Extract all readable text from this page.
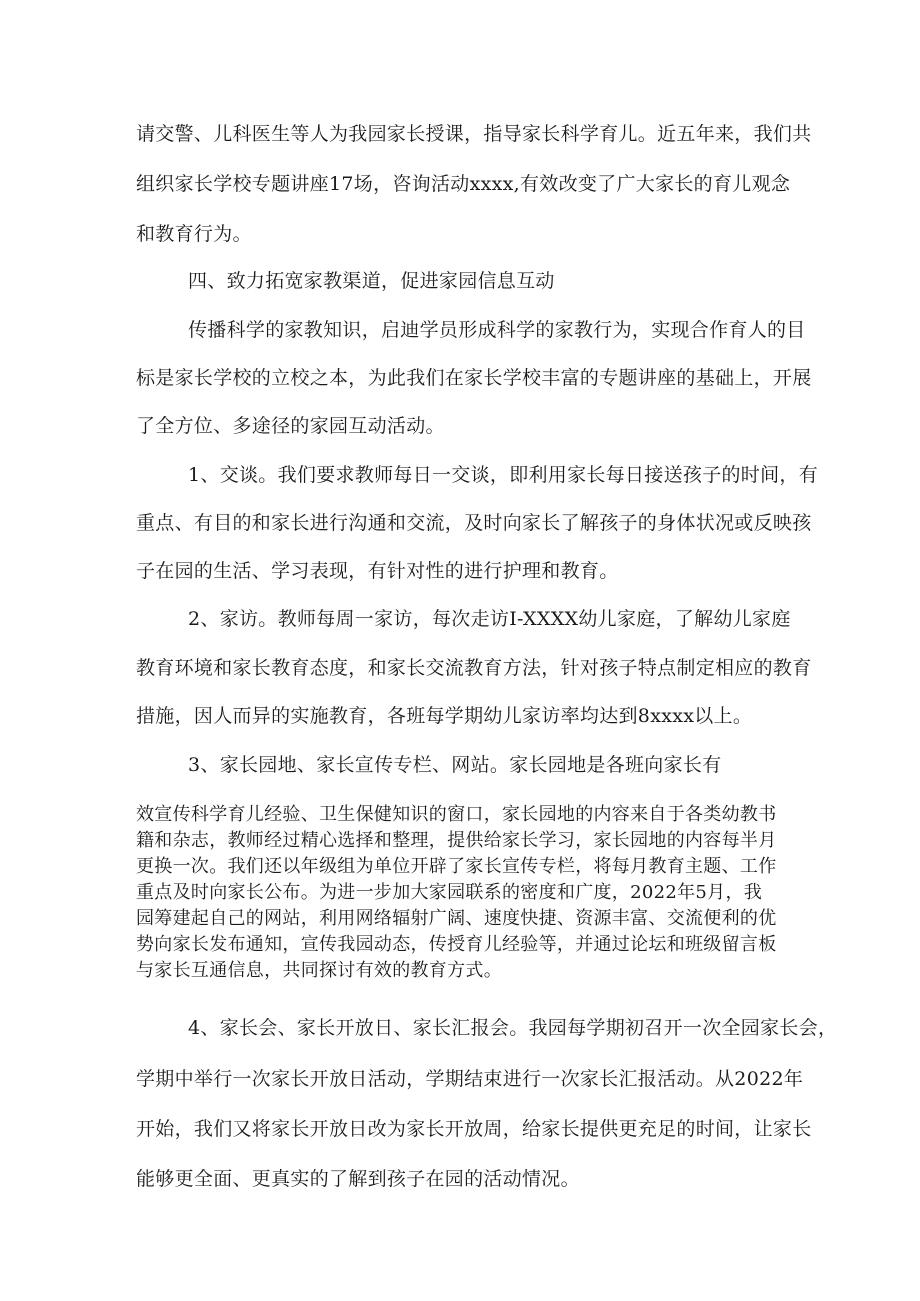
请交警、儿科医生等人为我园家长授课，指导家长科学育儿。近五年来，我们共
组织家长学校专题讲座17场，咨询活动xxxx,有效改变了广大家长的育儿观念
和教育行为。
四、致力拓宽家教渠道，促进家园信息互动
传播科学的家教知识，启迪学员形成科学的家教行为，实现合作育人的目
标是家长学校的立校之本，为此我们在家长学校丰富的专题讲座的基础上，开展
了全方位、多途径的家园互动活动。
1、交谈。我们要求教师每日一交谈，即利用家长每日接送孩子的时间，有
重点、有目的和家长进行沟通和交流，及时向家长了解孩子的身体状况或反映孩
子在园的生活、学习表现，有针对性的进行护理和教育。
2、家访。教师每周一家访，每次走访I-XXXX幼儿家庭，了解幼儿家庭
教育环境和家长教育态度，和家长交流教育方法，针对孩子特点制定相应的教育
措施，因人而异的实施教育，各班每学期幼儿家访率均达到8xxxx以上。
3、家长园地、家长宣传专栏、网站。家长园地是各班向家长有
效宣传科学育儿经验、卫生保健知识的窗口，家长园地的内容来自于各类幼教书
籍和杂志，教师经过精心选择和整理，提供给家长学习，家长园地的内容每半月
更换一次。我们还以年级组为单位开辟了家长宣传专栏，将每月教育主题、工作
重点及时向家长公布。为进一步加大家园联系的密度和广度，2022年5月，我
园筹建起自己的网站，利用网络辐射广阔、速度快捷、资源丰富、交流便利的优
势向家长发布通知，宣传我园动态，传授育儿经验等，并通过论坛和班级留言板
与家长互通信息，共同探讨有效的教育方式。
4、家长会、家长开放日、家长汇报会。我园每学期初召开一次全园家长会，
学期中举行一次家长开放日活动，学期结束进行一次家长汇报活动。从2022年
开始，我们又将家长开放日改为家长开放周，给家长提供更充足的时间，让家长
能够更全面、更真实的了解到孩子在园的活动情况。
